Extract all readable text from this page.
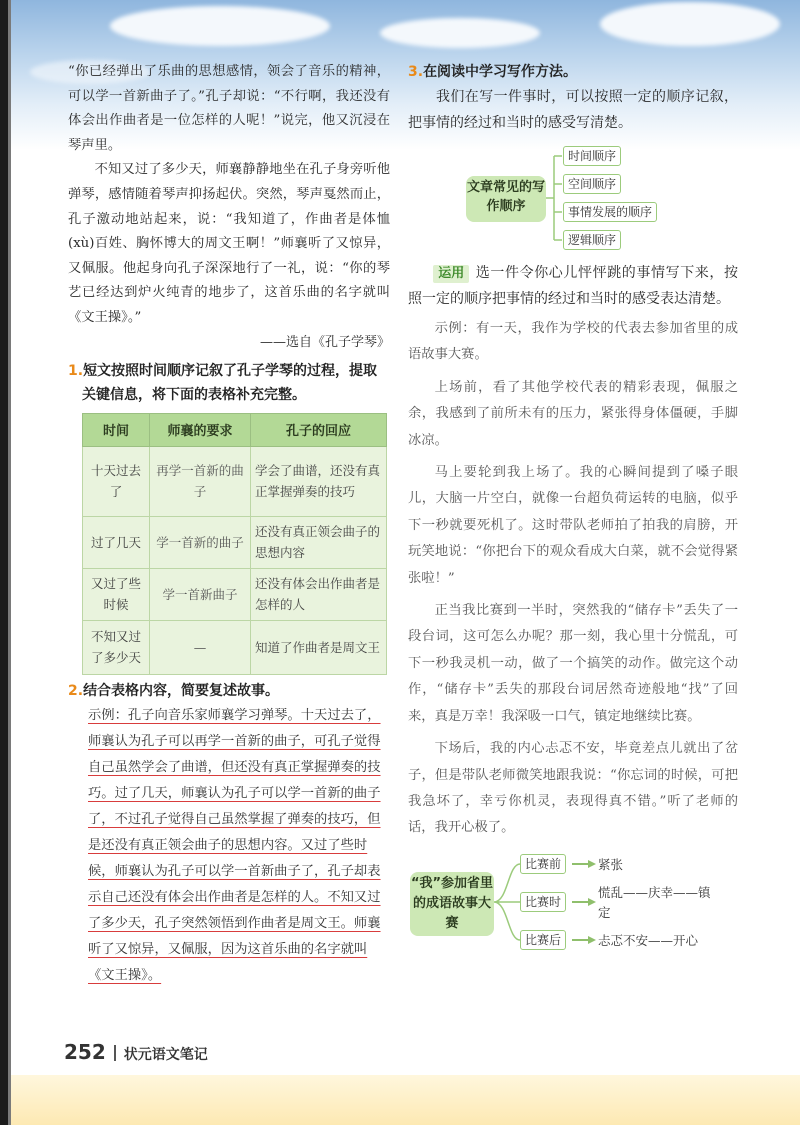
“你已经弹出了乐曲的思想感情，领会了音乐的精神，可以学一首新曲子了。”孔子却说：“不行啊，我还没有体会出作曲者是一位怎样的人呢！”说完，他又沉浸在琴声里。

不知又过了多少天，师襄静静地坐在孔子身旁听他弹琴，感情随着琴声抑扬起伏。突然，琴声戛然而止，孔子激动地站起来，说：“我知道了，作曲者是体恤(xù)百姓、胸怀博大的周文王啊！”师襄听了又惊异，又佩服。他起身向孔子深深地行了一礼，说：“你的琴艺已经达到炉火纯青的地步了，这首乐曲的名字就叫《文王操》。”

——选自《孔子学琴》

1.短文按照时间顺序记叙了孔子学琴的过程，提取关键信息，将下面的表格补充完整。
时间	师襄的要求	孔子的回应
十天过去了	再学一首新的曲子	学会了曲谱，还没有真正掌握弹奏的技巧
过了几天	学一首新的曲子	还没有真正领会曲子的思想内容
又过了些时候	学一首新曲子	还没有体会出作曲者是怎样的人
不知又过了多少天	—	知道了作曲者是周文王
2.结合表格内容，简要复述故事。

示例：孔子向音乐家师襄学习弹琴。十天过去了，师襄认为孔子可以再学一首新的曲子，可孔子觉得自己虽然学会了曲谱，但还没有真正掌握弹奏的技巧。过了几天，师襄认为孔子可以学一首新的曲子了，不过孔子觉得自己虽然掌握了弹奏的技巧，但是还没有真正领会曲子的思想内容。又过了些时候，师襄认为孔子可以学一首新曲子了，孔子却表示自己还没有体会出作曲者是怎样的人。不知又过了多少天，孔子突然领悟到作曲者是周文王。师襄听了又惊异，又佩服，因为这首乐曲的名字就叫《文王操》。

3.在阅读中学习写作方法。

我们在写一件事时，可以按照一定的顺序记叙，把事情的经过和当时的感受写清楚。

文章常见的写作顺序
时间顺序
空间顺序
事情发展的顺序
逻辑顺序

运用 选一件令你心儿怦怦跳的事情写下来，按照一定的顺序把事情的经过和当时的感受表达清楚。

示例：有一天，我作为学校的代表去参加省里的成语故事大赛。

上场前，看了其他学校代表的精彩表现，佩服之余，我感到了前所未有的压力，紧张得身体僵硬，手脚冰凉。

马上要轮到我上场了。我的心瞬间提到了嗓子眼儿，大脑一片空白，就像一台超负荷运转的电脑，似乎下一秒就要死机了。这时带队老师拍了拍我的肩膀，开玩笑地说：“你把台下的观众看成大白菜，就不会觉得紧张啦！”

正当我比赛到一半时，突然我的“储存卡”丢失了一段台词，这可怎么办呢？那一刻，我心里十分慌乱，可下一秒我灵机一动，做了一个搞笑的动作。做完这个动作，“储存卡”丢失的那段台词居然奇迹般地“找”了回来，真是万幸！我深吸一口气，镇定地继续比赛。

下场后，我的内心忐忑不安，毕竟差点儿就出了岔子，但是带队老师微笑地跟我说：“你忘词的时候，可把我急坏了，幸亏你机灵，表现得真不错。”听了老师的话，我开心极了。

“我”参加省里的成语故事大赛
比赛前	紧张
比赛时
慌乱——庆幸——镇定
比赛后	忐忑不安——开心
252 状元语文笔记
